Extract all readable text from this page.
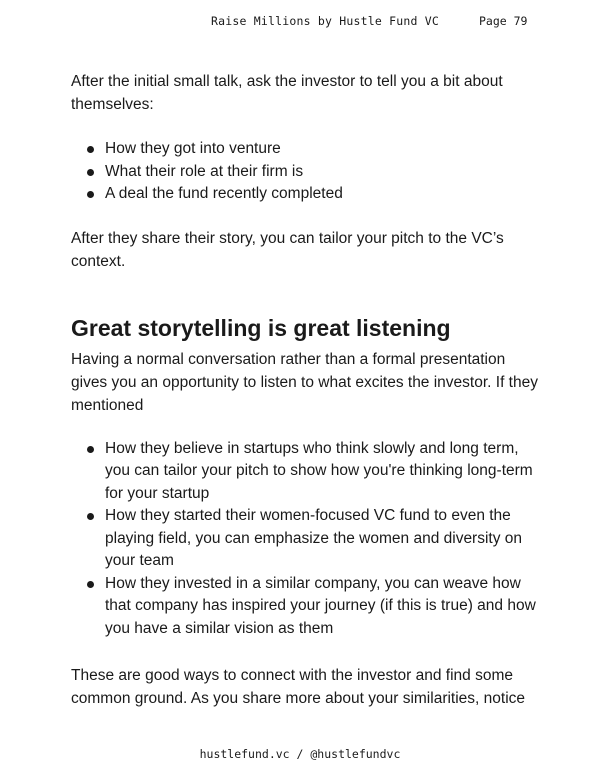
Raise Millions by Hustle Fund VC	Page 79

After the initial small talk, ask the investor to tell you a bit about themselves:

How they got into venture
What their role at their firm is
A deal the fund recently completed

After they share their story, you can tailor your pitch to the VC’s context.

Great storytelling is great listening

Having a normal conversation rather than a formal presentation gives you an opportunity to listen to what excites the investor. If they mentioned

How they believe in startups who think slowly and long term, you can tailor your pitch to show how you're thinking long-term for your startup
How they started their women-focused VC fund to even the playing field, you can emphasize the women and diversity on your team
How they invested in a similar company, you can weave how that company has inspired your journey (if this is true) and how you have a similar vision as them

These are good ways to connect with the investor and find some common ground. As you share more about your similarities, notice

hustlefund.vc / @hustlefundvc
